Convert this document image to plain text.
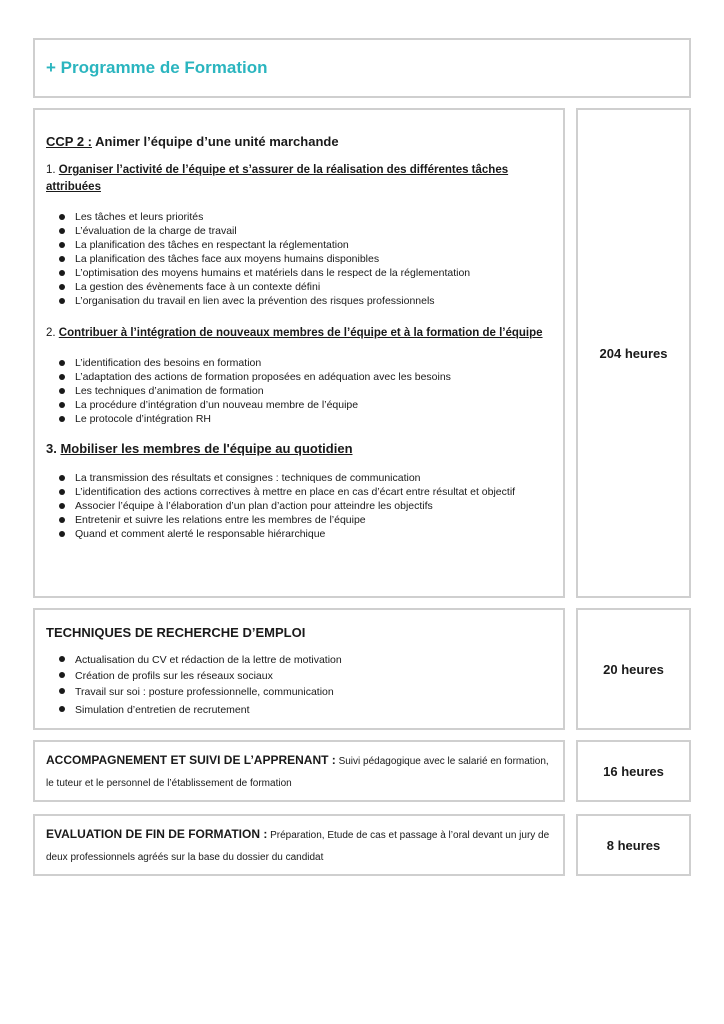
+ Programme de Formation

CCP 2 : Animer l’équipe d’une unité marchande

1. Organiser l’activité de l’équipe et s’assurer de la réalisation des différentes tâches attribuées

Les tâches et leurs priorités
L’évaluation de la charge de travail
La planification des tâches en respectant la réglementation
La planification des tâches face aux moyens humains disponibles
L’optimisation des moyens humains et matériels dans le respect de la réglementation
La gestion des évènements face à un contexte défini
L’organisation du travail en lien avec la prévention des risques professionnels

2. Contribuer à l’intégration de nouveaux membres de l’équipe et à la formation de l’équipe

L’identification des besoins en formation
L’adaptation des actions de formation proposées en adéquation avec les besoins
Les techniques d’animation de formation
La procédure d’intégration d’un nouveau membre de l’équipe
Le protocole d’intégration RH

3. Mobiliser les membres de l'équipe au quotidien

La transmission des résultats et consignes : techniques de communication
L’identification des actions correctives à mettre en place en cas d’écart entre résultat et objectif
Associer l’équipe à l’élaboration d’un plan d’action pour atteindre les objectifs
Entretenir et suivre les relations entre les membres de l’équipe
Quand et comment alerté le responsable hiérarchique
204 heures

TECHNIQUES DE RECHERCHE D’EMPLOI

Actualisation du CV et rédaction de la lettre de motivation
Création de profils sur les réseaux sociaux
Travail sur soi : posture professionnelle, communication
Simulation d’entretien de recrutement
20 heures

ACCOMPAGNEMENT ET SUIVI DE L’APPRENANT : Suivi pédagogique avec le salarié en formation, le tuteur et le personnel de l’établissement de formation

16 heures

EVALUATION DE FIN DE FORMATION : Préparation, Etude de cas et passage à l’oral devant un jury de deux professionnels agréés sur la base du dossier du candidat

8 heures
